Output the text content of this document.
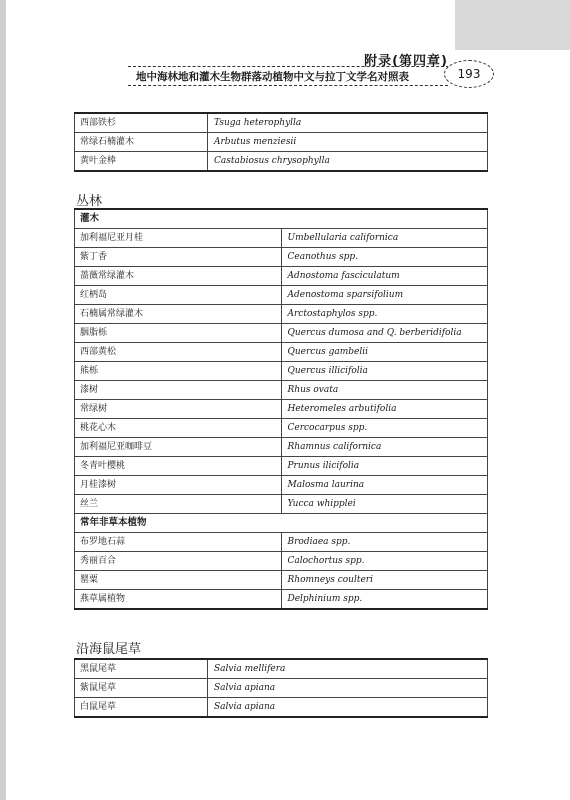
附录(第四章)
地中海林地和灌木生物群落动植物中文与拉丁文学名对照表	193
西部铁杉	Tsuga heterophylla
常绿石楠灌木	Arbutus menziesii
黄叶金棒	Castabiosus chrysophylla
丛林
灌木	
加利福尼亚月桂	Umbellularia californica
紫丁香	Ceanothus spp.
蔷薇常绿灌木	Adnostoma fasciculatum
红柄岛	Adenostoma sparsifolium
石楠属常绿灌木	Arctostaphylos spp.
胭脂栎	Quercus dumosa and Q. berberidifolia
西部黄松	Quercus gambelii
熊栎	Quercus illicifolia
漆树	Rhus ovata
常绿树	Heteromeles arbutifolia
桃花心木	Cercocarpus spp.
加利福尼亚咖啡豆	Rhamnus californica
冬青叶樱桃	Prunus ilicifolia
月桂漆树	Malosma laurina
丝兰	Yucca whipplei
常年非草本植物	
布罗地石蒜	Brodiaea spp.
秀丽百合	Calochortus spp.
罂粟	Rhomneys coulteri
燕草属植物	Delphinium spp.
沿海鼠尾草
黑鼠尾草	Salvia mellifera
紫鼠尾草	Salvia apiana
白鼠尾草	Salvia apiana
